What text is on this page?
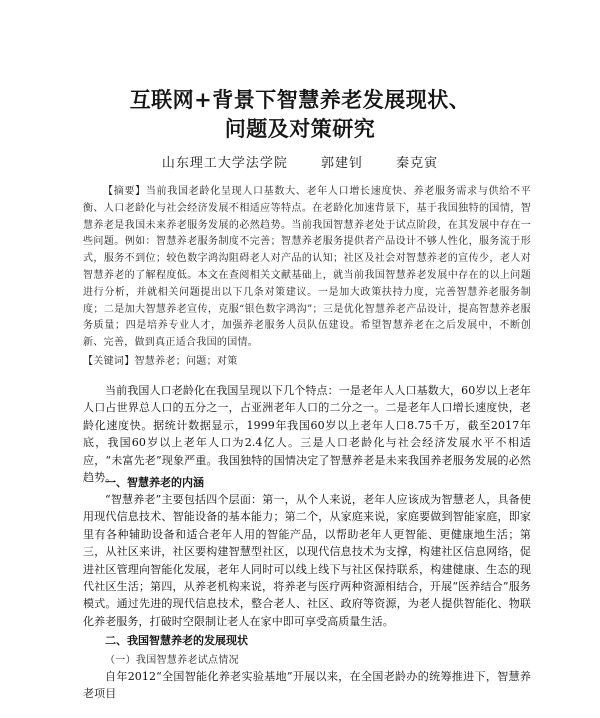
互联网+背景下智慧养老发展现状、
问题及对策研究
山东理工大学法学院	郭建钊	秦克寅
【摘要】当前我国老龄化呈现人口基数大、老年人口增长速度快、养老服务需求与供给不平衡、人口老龄化与社会经济发展不相适应等特点。在老龄化加速背景下，基于我国独特的国情，智慧养老是我国未来养老服务发展的必然趋势。当前我国智慧养老处于试点阶段，在其发展中存在一些问题。例如：智慧养老服务制度不完善；智慧养老服务提供者产品设计不够人性化，服务流于形式，服务不到位；较色数字鸿沟阻碍老人对产品的认知；社区及社会对智慧养老的宣传少，老人对智慧养老的了解程度低。本文在查阅相关文献基础上，就当前我国智慧养老发展中存在的以上问题进行分析，并就相关问题提出以下几条对策建议。一是加大政策扶持力度，完善智慧养老服务制度；二是加大智慧养老宣传，克服“银色数字鸿沟”；三是优化智慧养老产品设计，提高智慧养老服务质量；四是培养专业人才，加强养老服务人员队伍建设。希望智慧养老在之后发展中，不断创新、完善，做到真正适合我国的国情。
【关键词】智慧养老；问题；对策
当前我国人口老龄化在我国呈现以下几个特点：一是老年人人口基数大，60岁以上老年人口占世界总人口的五分之一，占亚洲老年人口的二分之一。二是老年人口增长速度快，老龄化速度快。据统计数据显示，1999年我国60岁以上老年人口8.75千万，截至2017年底，我国60岁以上老年人口为2.4亿人。三是人口老龄化与社会经济发展水平不相适应，“未富先老”现象严重。我国独特的国情决定了智慧养老是未来我国养老服务发展的必然趋势。
一、智慧养老的内涵
“智慧养老”主要包括四个层面：第一，从个人来说，老年人应该成为智慧老人，具备使用现代信息技术、智能设备的基本能力；第二个，从家庭来说，家庭要做到智能家庭，即家里有各种辅助设备和适合老年人用的智能产品，以帮助老年人更智能、更健康地生活；第三，从社区来讲，社区要构建智慧型社区，以现代信息技术为支撑，构建社区信息网络，促进社区管理向智能化发展，老年人同时可以线上线下与社区保持联系，构建健康、生态的现代社区生活；第四，从养老机构来说，将养老与医疗两种资源相结合，开展“医养结合”服务模式。通过先进的现代信息技术，整合老人、社区、政府等资源，为老人提供智能化、物联化养老服务，打破时空限制让老人在家中即可享受高质量生活。
二、我国智慧养老的发展现状
（一）我国智慧养老试点情况
自年2012“全国智能化养老实验基地”开展以来，在全国老龄办的统筹推进下，智慧养老项目
